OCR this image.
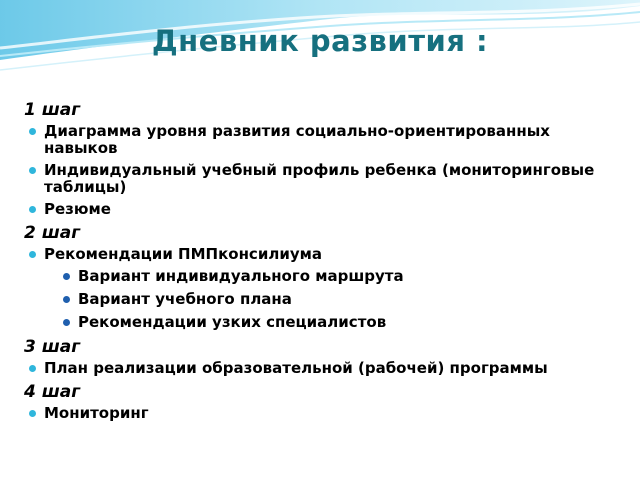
Дневник развития :
1 шаг
Диаграмма уровня развития социально-ориентированных навыков
Индивидуальный учебный профиль ребенка (мониторинговые таблицы)
Резюме
2 шаг
Рекомендации ПМПконсилиума
Вариант индивидуального маршрута
Вариант учебного плана
Рекомендации узких специалистов
3 шаг
План реализации образовательной (рабочей) программы
4 шаг
Мониторинг
